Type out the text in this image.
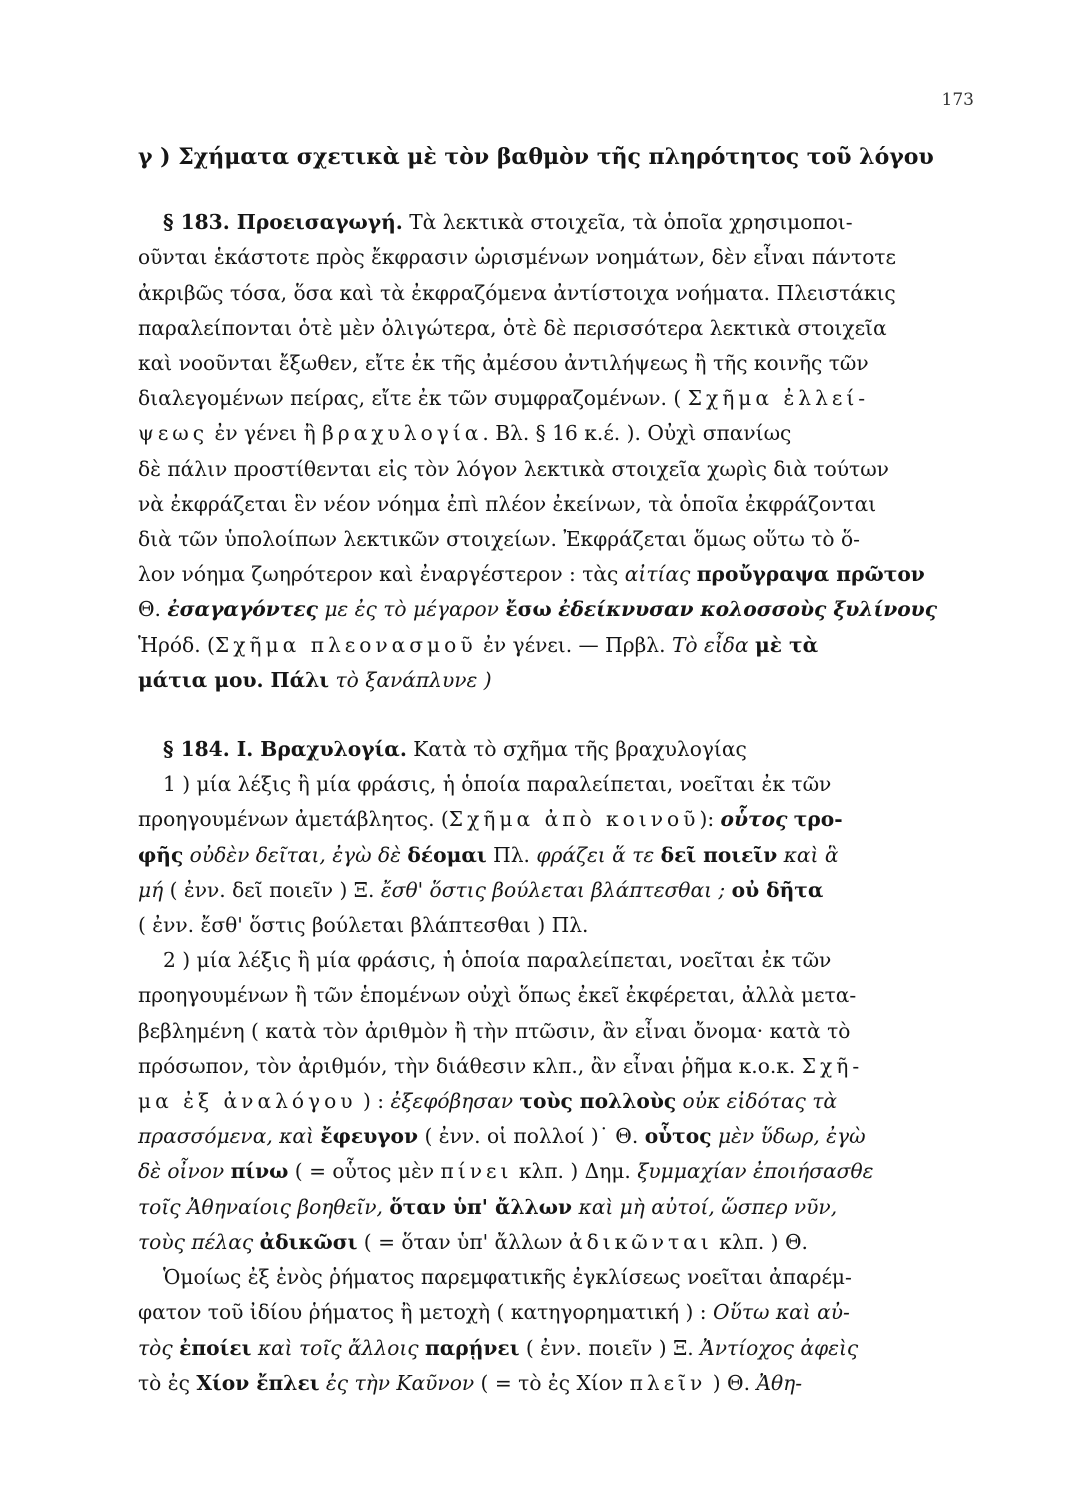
173
γ ) Σχήματα σχετικὰ μὲ τὸν βαθμὸν τῆς πληρότητος τοῦ λόγου
§ 183. Προεισαγωγή. Τὰ λεκτικὰ στοιχεῖα, τὰ ὁποῖα χρησιμοποι-
οῦνται ἑκάστοτε πρὸς ἔκφρασιν ὡρισμένων νοημάτων, δὲν εἶναι πάντοτε
ἀκριβῶς τόσα, ὅσα καὶ τὰ ἐκφραζόμενα ἀντίστοιχα νοήματα. Πλειστάκις
παραλείπονται ὁτὲ μὲν ὀλιγώτερα, ὁτὲ δὲ περισσότερα λεκτικὰ στοιχεῖα
καὶ νοοῦνται ἔξωθεν, εἴτε ἐκ τῆς ἀμέσου ἀντιλήψεως ἢ τῆς κοινῆς τῶν
διαλεγομένων πείρας, εἴτε ἐκ τῶν συμφραζομένων. ( Σχῆμα ἐλλεί-
ψεως ἐν γένει ἢ βραχυλογία. Βλ. § 16 κ.έ. ). Οὐχὶ σπανίως
δὲ πάλιν προστίθενται εἰς τὸν λόγον λεκτικὰ στοιχεῖα χωρὶς διὰ τούτων
νὰ ἐκφράζεται ἓν νέον νόημα ἐπὶ πλέον ἐκείνων, τὰ ὁποῖα ἐκφράζονται
διὰ τῶν ὑπολοίπων λεκτικῶν στοιχείων. Ἐκφράζεται ὅμως οὕτω τὸ ὅ-
λον νόημα ζωηρότερον καὶ ἐναργέστερον : τὰς αἰτίας προὔγραψα πρῶτον
Θ. ἐσαγαγόντες με ἐς τὸ μέγαρον ἔσω ἐδείκνυσαν κολοσσοὺς ξυλίνους
Ἡρόδ. (Σχῆμα πλεονασμοῦ ἐν γένει. — Πρβλ. Τὸ εἶδα μὲ τὰ
μάτια μου. Πάλι τὸ ξανάπλυνε )
§ 184. I. Βραχυλογία. Κατὰ τὸ σχῆμα τῆς βραχυλογίας
1 ) μία λέξις ἢ μία φράσις, ἡ ὁποία παραλείπεται, νοεῖται ἐκ τῶν
προηγουμένων ἀμετάβλητος. (Σχῆμα ἀπὸ κοινοῦ): οὗτος τρο-
φῆς οὐδὲν δεῖται, ἐγὼ δὲ δέομαι Πλ. φράζει ἅ τε δεῖ ποιεῖν καὶ ἃ
μή ( ἐνν. δεῖ ποιεῖν ) Ξ. ἔσθ' ὅστις βούλεται βλάπτεσθαι ; οὐ δῆτα
( ἐνν. ἔσθ' ὅστις βούλεται βλάπτεσθαι ) Πλ.
2 ) μία λέξις ἢ μία φράσις, ἡ ὁποία παραλείπεται, νοεῖται ἐκ τῶν
προηγουμένων ἢ τῶν ἑπομένων οὐχὶ ὅπως ἐκεῖ ἐκφέρεται, ἀλλὰ μετα-
βεβλημένη ( κατὰ τὸν ἀριθμὸν ἢ τὴν πτῶσιν, ἂν εἶναι ὄνομα· κατὰ τὸ
πρόσωπον, τὸν ἀριθμόν, τὴν διάθεσιν κλπ., ἂν εἶναι ῥῆμα κ.ο.κ. Σχῆ-
μα ἐξ ἀναλόγου ) : ἐξεφόβησαν τοὺς πολλοὺς οὐκ εἰδότας τὰ
πρασσόμενα, καὶ ἔφευγον ( ἐνν. οἱ πολλοί )˙ Θ. οὗτος μὲν ὕδωρ, ἐγὼ
δὲ οἶνον πίνω ( = οὗτος μὲν πίνει κλπ. ) Δημ. ξυμμαχίαν ἐποιήσασθε
τοῖς Ἀθηναίοις βοηθεῖν, ὅταν ὑπ' ἄλλων καὶ μὴ αὐτοί, ὥσπερ νῦν,
τοὺς πέλας ἀδικῶσι ( = ὅταν ὑπ' ἄλλων ἀδικῶνται κλπ. ) Θ.
Ὁμοίως ἐξ ἑνὸς ῥήματος παρεμφατικῆς ἐγκλίσεως νοεῖται ἀπαρέμ-
φατον τοῦ ἰδίου ῥήματος ἢ μετοχὴ ( κατηγορηματική ) : Οὕτω καὶ αὐ-
τὸς ἐποίει καὶ τοῖς ἄλλοις παρῄνει ( ἐνν. ποιεῖν ) Ξ. Ἀντίοχος ἀφεὶς
τὸ ἐς Χίον ἔπλει ἐς τὴν Καῦνον ( = τὸ ἐς Χίον πλεῖν ) Θ. Ἀθη-
